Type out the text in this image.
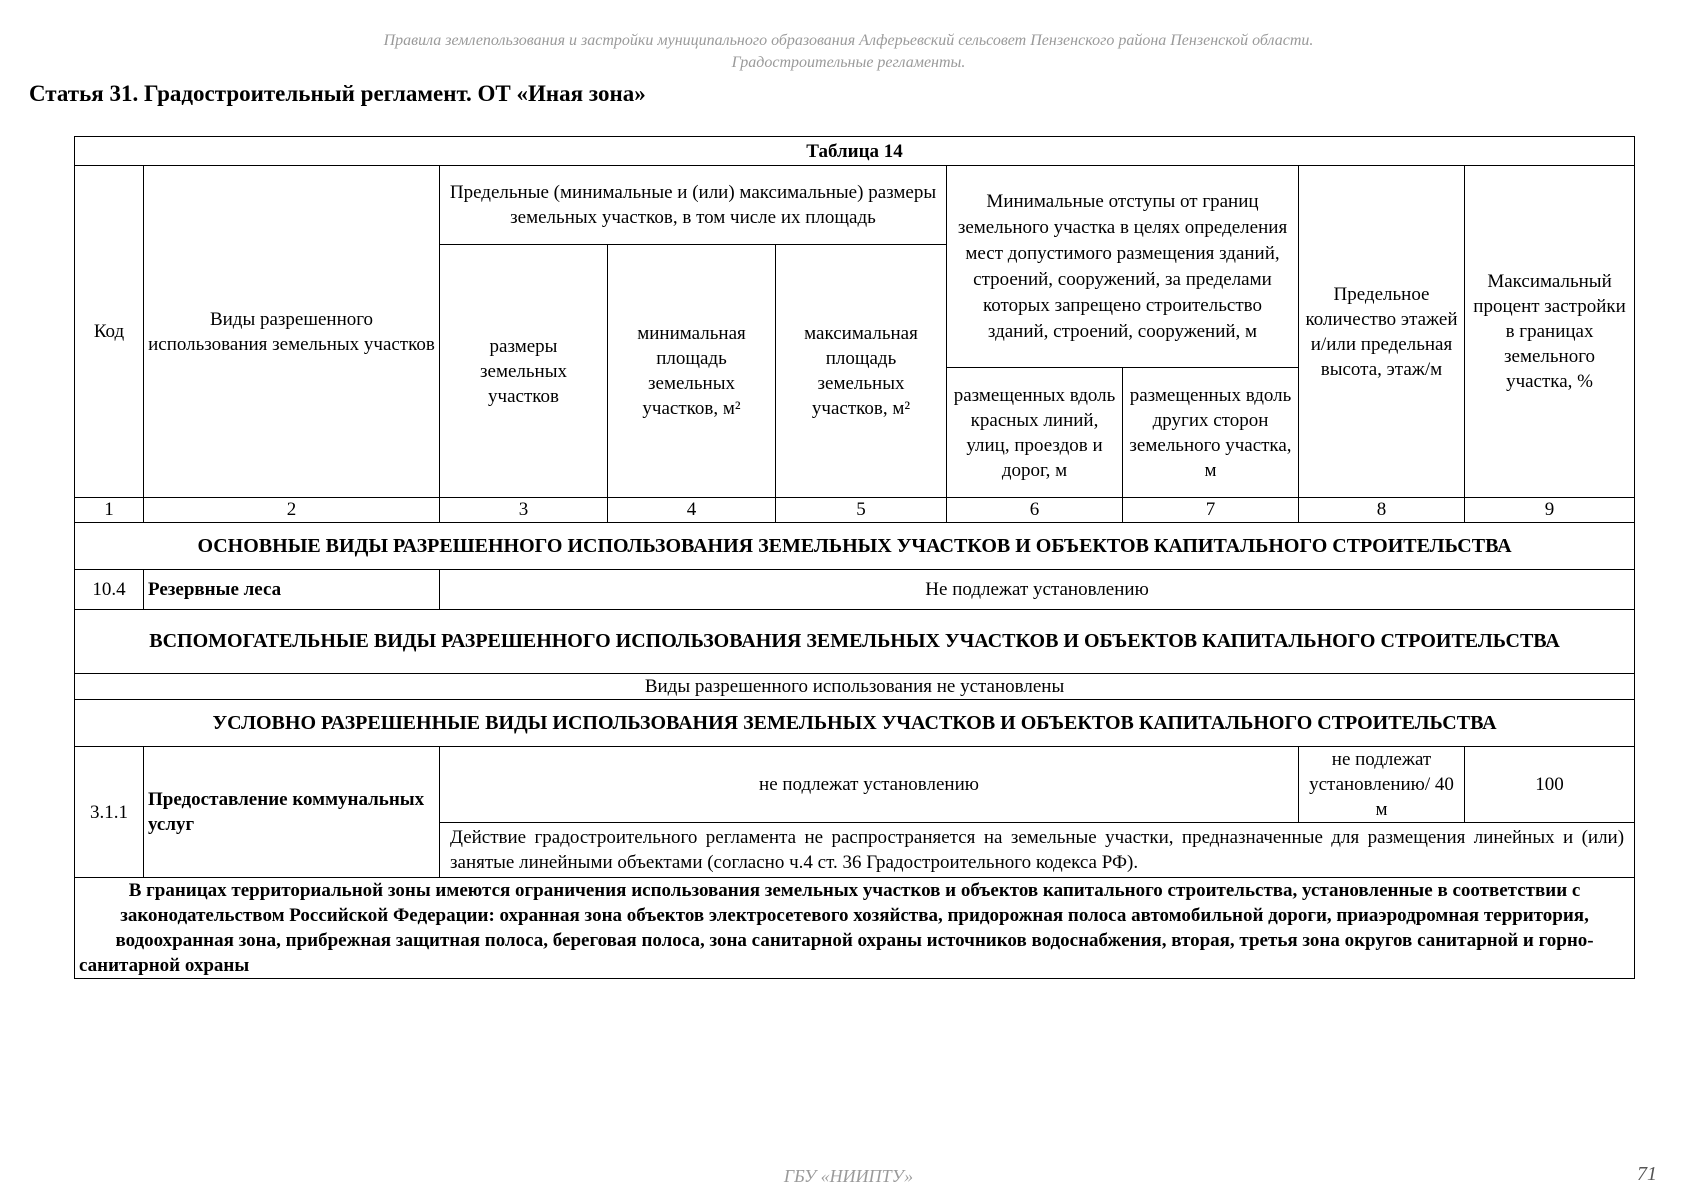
Правила землепользования и застройки муниципального образования Алферьевский сельсовет Пензенского района Пензенской области.
Градостроительные регламенты.
Статья 31. Градостроительный регламент. ОТ «Иная зона»
Таблица 14								
Код	Виды разрешенного использования земельных участков	Предельные (минимальные и (или) максимальные) размеры земельных участков, в том числе их площадь			Минимальные отступы от границ земельного участка в целях определения мест допустимого размещения зданий, строений, сооружений, за пределами которых запрещено строительство зданий, строений, сооружений, м		Предельное количество этажей и/или предельная высота, этаж/м	Максимальный процент застройки в границах земельного участка, %
		размеры земельных участков	минимальная площадь земельных участков, м²	максимальная площадь земельных участков, м²				
					размещенных вдоль красных линий, улиц, проездов и дорог, м	размещенных вдоль других сторон земельного участка, м		
1	2	3	4	5	6	7	8	9
ОСНОВНЫЕ ВИДЫ РАЗРЕШЕННОГО ИСПОЛЬЗОВАНИЯ ЗЕМЕЛЬНЫХ УЧАСТКОВ И ОБЪЕКТОВ КАПИТАЛЬНОГО СТРОИТЕЛЬСТВА								
10.4	Резервные леса	Не подлежат установлению						
ВСПОМОГАТЕЛЬНЫЕ ВИДЫ РАЗРЕШЕННОГО ИСПОЛЬЗОВАНИЯ ЗЕМЕЛЬНЫХ УЧАСТКОВ И ОБЪЕКТОВ КАПИТАЛЬНОГО СТРОИТЕЛЬСТВА								
Виды разрешенного использования не установлены								
УСЛОВНО РАЗРЕШЕННЫЕ ВИДЫ ИСПОЛЬЗОВАНИЯ ЗЕМЕЛЬНЫХ УЧАСТКОВ И ОБЪЕКТОВ КАПИТАЛЬНОГО СТРОИТЕЛЬСТВА								
3.1.1	Предоставление коммунальных услуг	не подлежат установлению					не подлежат установлению/ 40 м	100
		Действие градостроительного регламента не распространяется на земельные участки, предназначенные для размещения линейных и (или) занятые линейными объектами (согласно ч.4 ст. 36 Градостроительного кодекса РФ).						
В границах территориальной зоны имеются ограничения использования земельных участков и объектов капитального строительства, установленные в соответствии с законодательством Российской Федерации: охранная зона объектов электросетевого хозяйства, придорожная полоса автомобильной дороги, приаэродромная территория, водоохранная зона, прибрежная защитная полоса, береговая полоса, зона санитарной охраны источников водоснабжения, вторая, третья зона округов санитарной и горно-санитарной охраны								
ГБУ «НИИПТУ»	71
